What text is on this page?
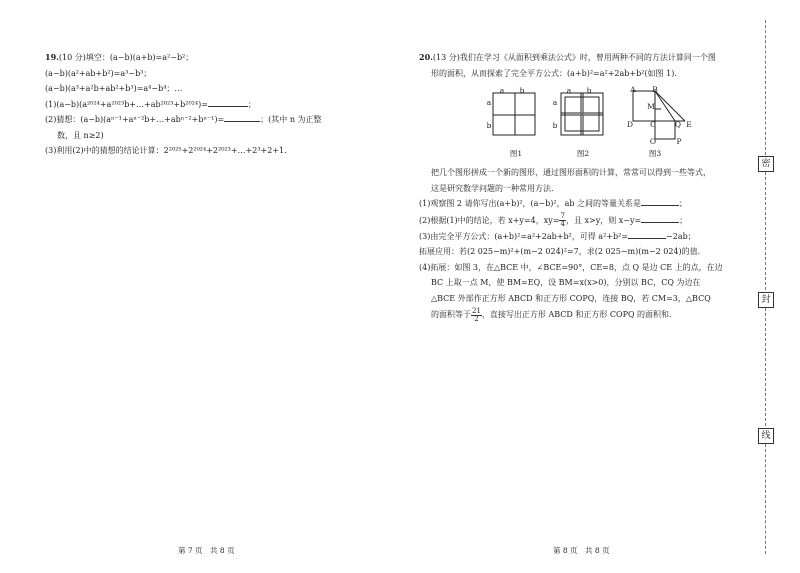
19.(10 分)填空：(a−b)(a+b)=a²−b²；
(a−b)(a²+ab+b²)=a³−b³；
(a−b)(a³+a²b+ab²+b³)=a⁴−b⁴；…
(1)(a−b)(a²⁰²⁴+a²⁰²³b+…+ab²⁰²³+b²⁰²⁴)=	；
(2)猜想：(a−b)(aⁿ⁻¹+aⁿ⁻²b+…+abⁿ⁻²+bⁿ⁻¹)=	；(其中 n 为正整
数，且 n≥2)
(3)利用(2)中的猜想的结论计算：2²⁰²⁵+2²⁰²⁴+2²⁰²³+…+2³+2+1.
20.(13 分)我们在学习《从面积到乘法公式》时，曾用两种不同的方法计算同一个图
形的面积，从而探索了完全平方公式：(a+b)²=a²+2ab+b²(如图 1).
a	b
a
b
图1
a	b
a
b
图2
A	B
M
D C	Q E
O	P
图3
把几个图形拼成一个新的图形，通过图形面积的计算，常常可以得到一些等式，
这是研究数学问题的一种常用方法.
(1)观察图 2 请你写出(a+b)²，(a−b)²，ab 之间的等量关系是	；
(2)根据(1)中的结论，若 x+y=4，$xy= \frac{7}{4}$ ，且 x>y，则 x−y=	；
(3)由完全平方公式：(a+b)²=a²+2ab+b²，可得 a²+b²=	−2ab；
拓展应用：若(2 025−m)²+(m−2 024)²=7，求(2 025−m)(m−2 024)的值.
(4)拓展：如图 3，在△BCE 中，∠BCE=90°，CE=8，点 Q 是边 CE 上的点，在边
BC 上取一点 M，使 BM=EQ，设 BM=x(x>0)，分别以 BC，CQ 为边在
△BCE 外部作正方形 ABCD 和正方形 COPQ，连接 BQ，若 CM=3，△BCQ
的面积等于 $\frac{21}{2}$ ，直接写出正方形 ABCD 和正方形 COPQ 的面积和.
密
封
线
第 7 页　共 8 页	第 8 页　共 8 页
